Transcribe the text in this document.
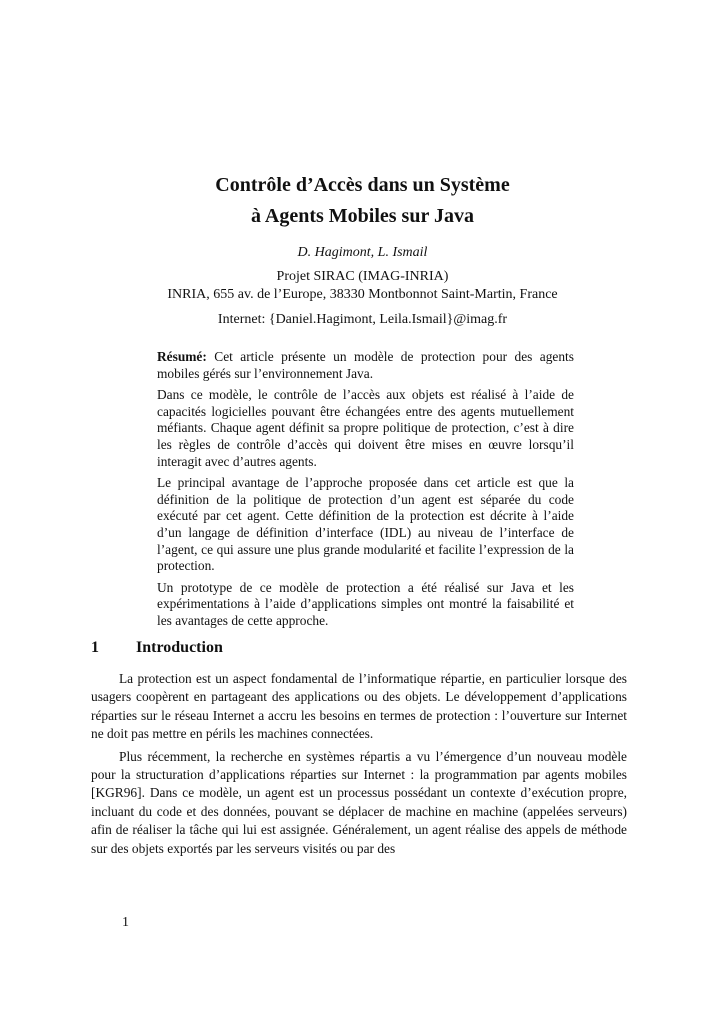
Contrôle d’Accès dans un Système
à Agents Mobiles sur Java
D. Hagimont, L. Ismail
Projet SIRAC (IMAG-INRIA)
INRIA, 655 av. de l’Europe, 38330 Montbonnot Saint-Martin, France
Internet: {Daniel.Hagimont, Leila.Ismail}@imag.fr

Résumé: Cet article présente un modèle de protection pour des agents mobiles gérés sur l’environnement Java.

Dans ce modèle, le contrôle de l’accès aux objets est réalisé à l’aide de capacités logicielles pouvant être échangées entre des agents mutuellement méfiants. Chaque agent définit sa propre politique de protection, c’est à dire les règles de contrôle d’accès qui doivent être mises en œuvre lorsqu’il interagit avec d’autres agents.

Le principal avantage de l’approche proposée dans cet article est que la définition de la politique de protection d’un agent est séparée du code exécuté par cet agent. Cette définition de la protection est décrite à l’aide d’un langage de définition d’interface (IDL) au niveau de l’interface de l’agent, ce qui assure une plus grande modularité et facilite l’expression de la protection.

Un prototype de ce modèle de protection a été réalisé sur Java et les expérimentations à l’aide d’applications simples ont montré la faisabilité et les avantages de cette approche.

1 Introduction

La protection est un aspect fondamental de l’informatique répartie, en particulier lorsque des usagers coopèrent en partageant des applications ou des objets. Le développement d’applications réparties sur le réseau Internet a accru les besoins en termes de protection : l’ouverture sur Internet ne doit pas mettre en périls les machines connectées.

Plus récemment, la recherche en systèmes répartis a vu l’émergence d’un nouveau modèle pour la structuration d’applications réparties sur Internet : la programmation par agents mobiles [KGR96]. Dans ce modèle, un agent est un processus possédant un contexte d’exécution propre, incluant du code et des données, pouvant se déplacer de machine en machine (appelées serveurs) afin de réaliser la tâche qui lui est assignée. Généralement, un agent réalise des appels de méthode sur des objets exportés par les serveurs visités ou par des

1
